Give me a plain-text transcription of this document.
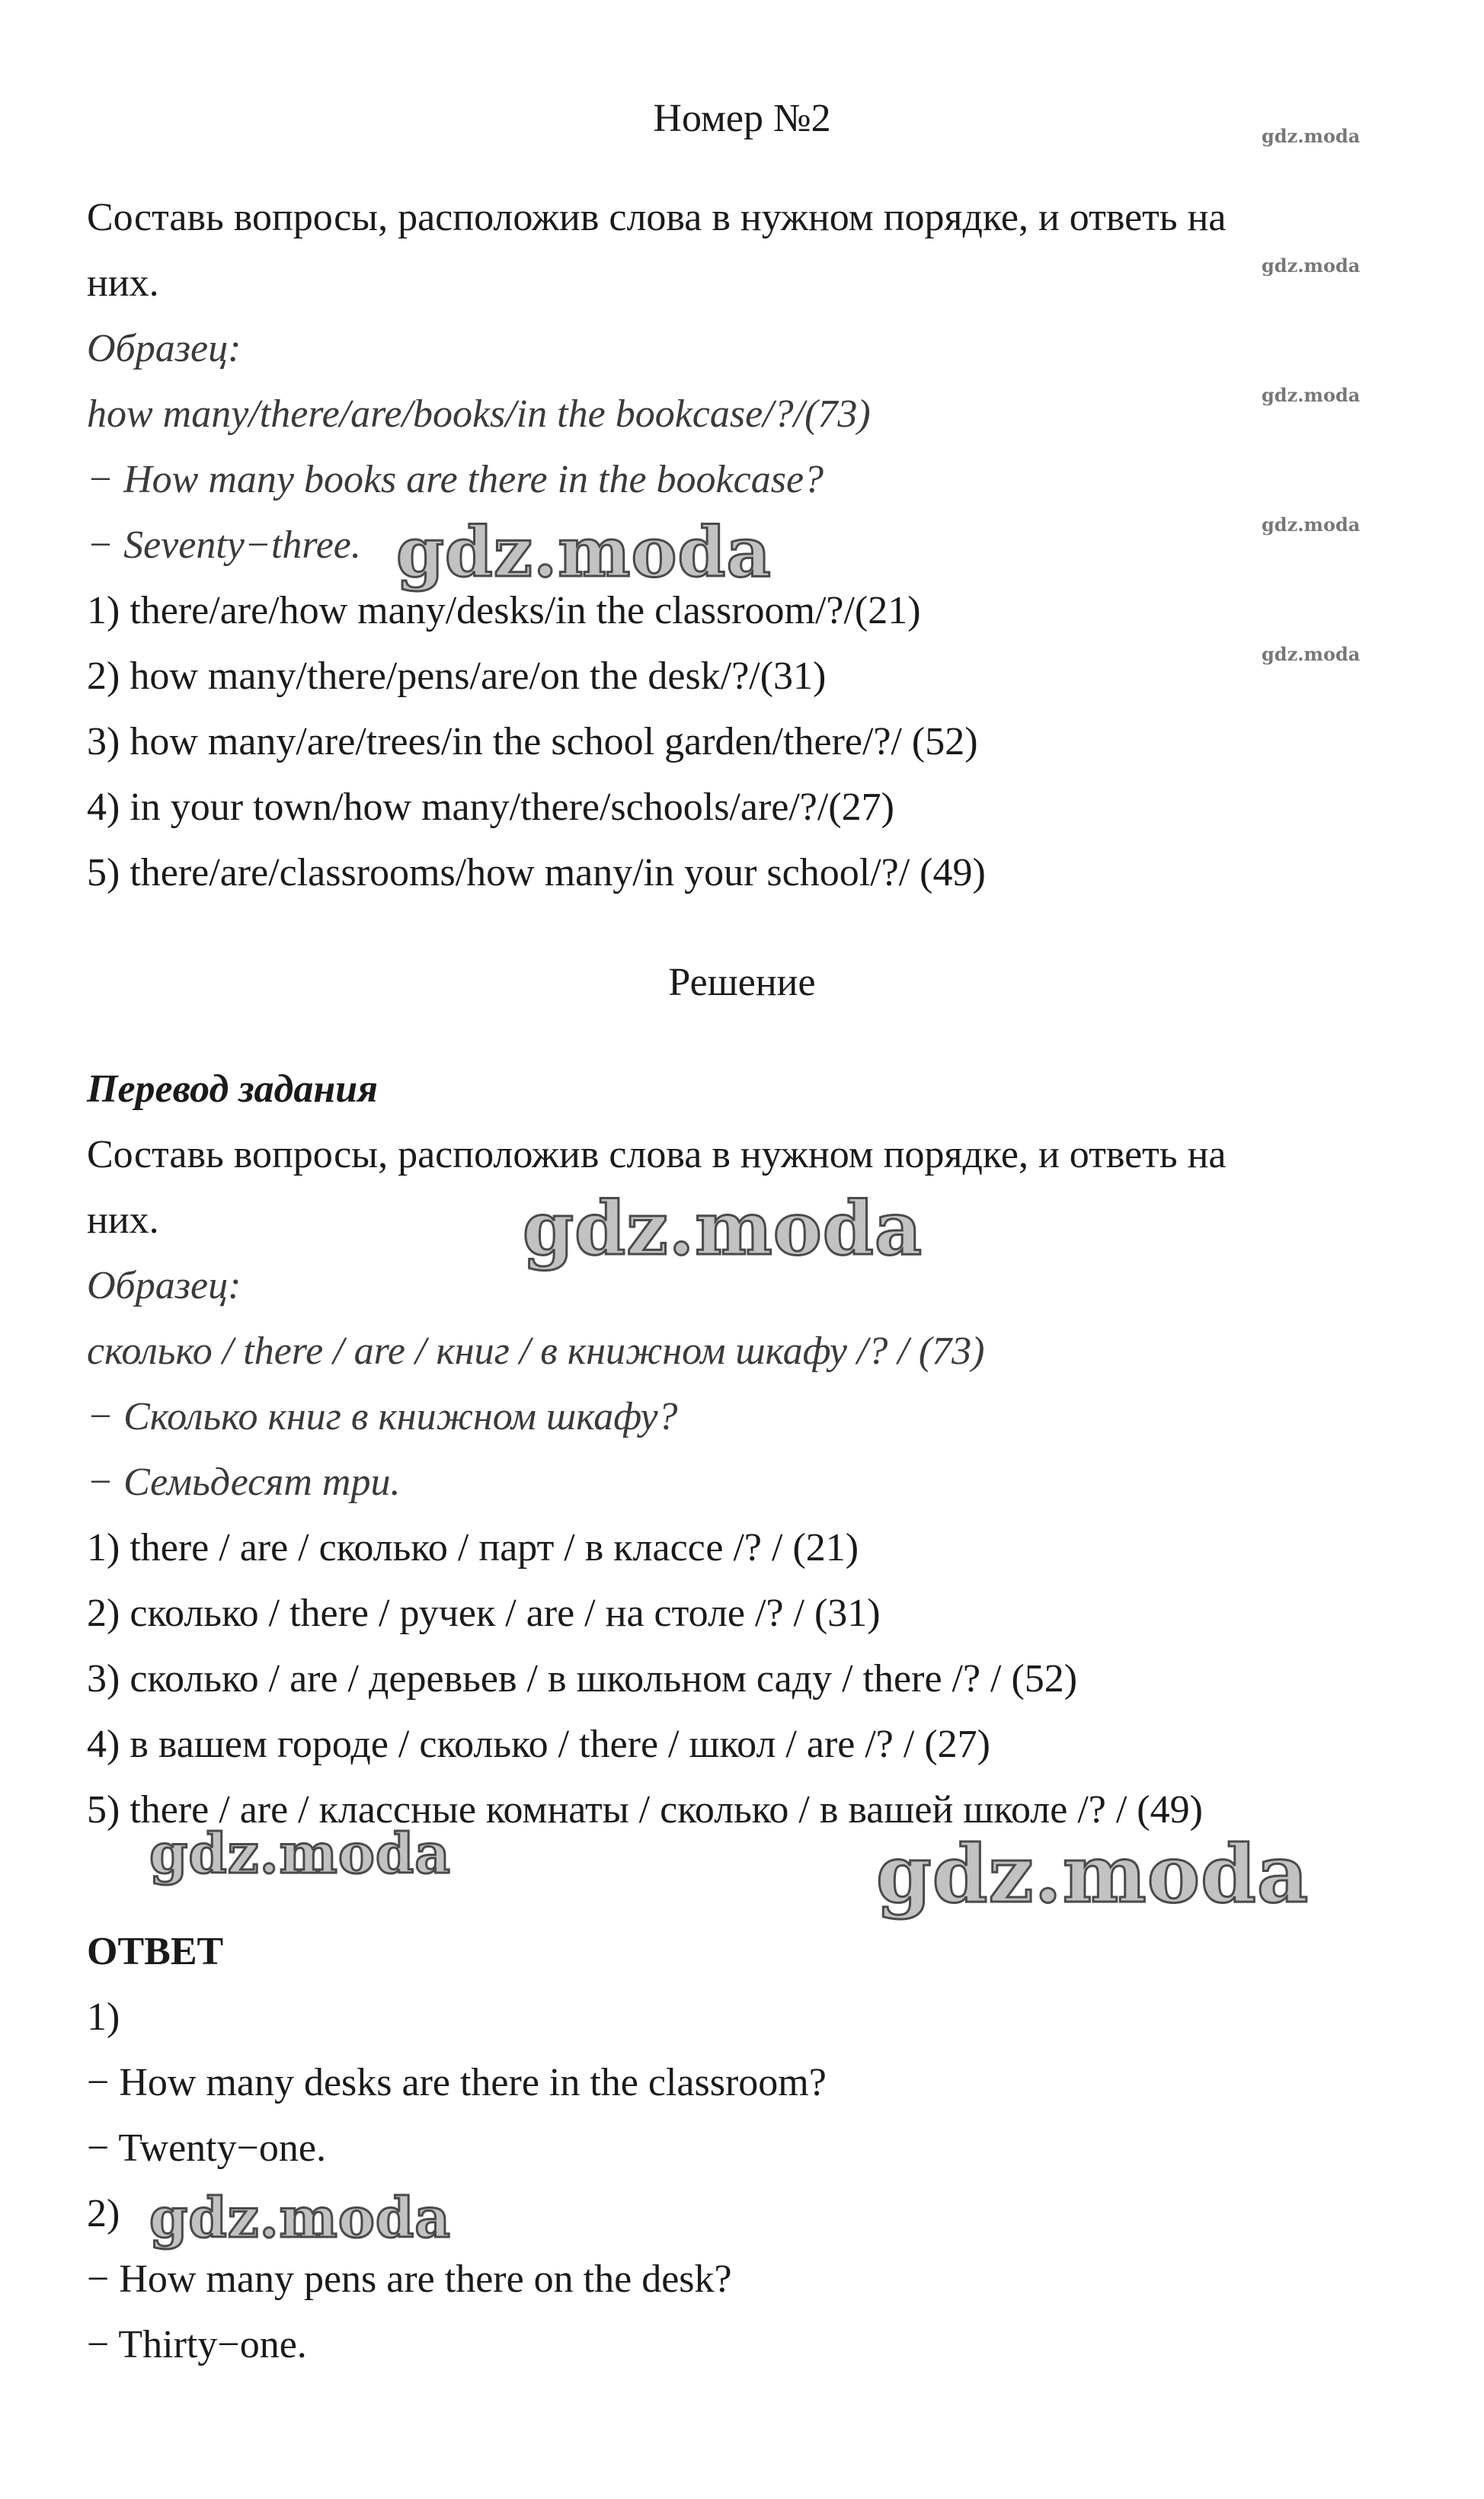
Номер №2
Составь вопросы, расположив слова в нужном порядке, и ответь на
них.
Образец:
how many/there/are/books/in the bookcase/?/(73)
− How many books are there in the bookcase?
− Seventy−three.
1) there/are/how many/desks/in the classroom/?/(21)
2) how many/there/pens/are/on the desk/?/(31)
3) how many/are/trees/in the school garden/there/?/ (52)
4) in your town/how many/there/schools/are/?/(27)
5) there/are/classrooms/how many/in your school/?/ (49)
Решение
Перевод задания
Составь вопросы, расположив слова в нужном порядке, и ответь на
них.
Образец:
сколько / there / are / книг / в книжном шкафу /? / (73)
− Сколько книг в книжном шкафу?
− Семьдесят три.
1) there / are / сколько / парт / в классе /? / (21)
2) сколько / there / ручек / are / на столе /? / (31)
3) сколько / are / деревьев / в школьном саду / there /? / (52)
4) в вашем городе / сколько / there / школ / are /? / (27)
5) there / are / классные комнаты / сколько / в вашей школе /? / (49)
ОТВЕТ
1)
− How many desks are there in the classroom?
− Twenty−one.
2)
− How many pens are there on the desk?
− Thirty−one.
gdz.moda
gdz.moda
gdz.moda
gdz.moda
gdz.moda
gdz.moda
gdz.moda
gdz.moda	gdz.moda
gdz.moda
